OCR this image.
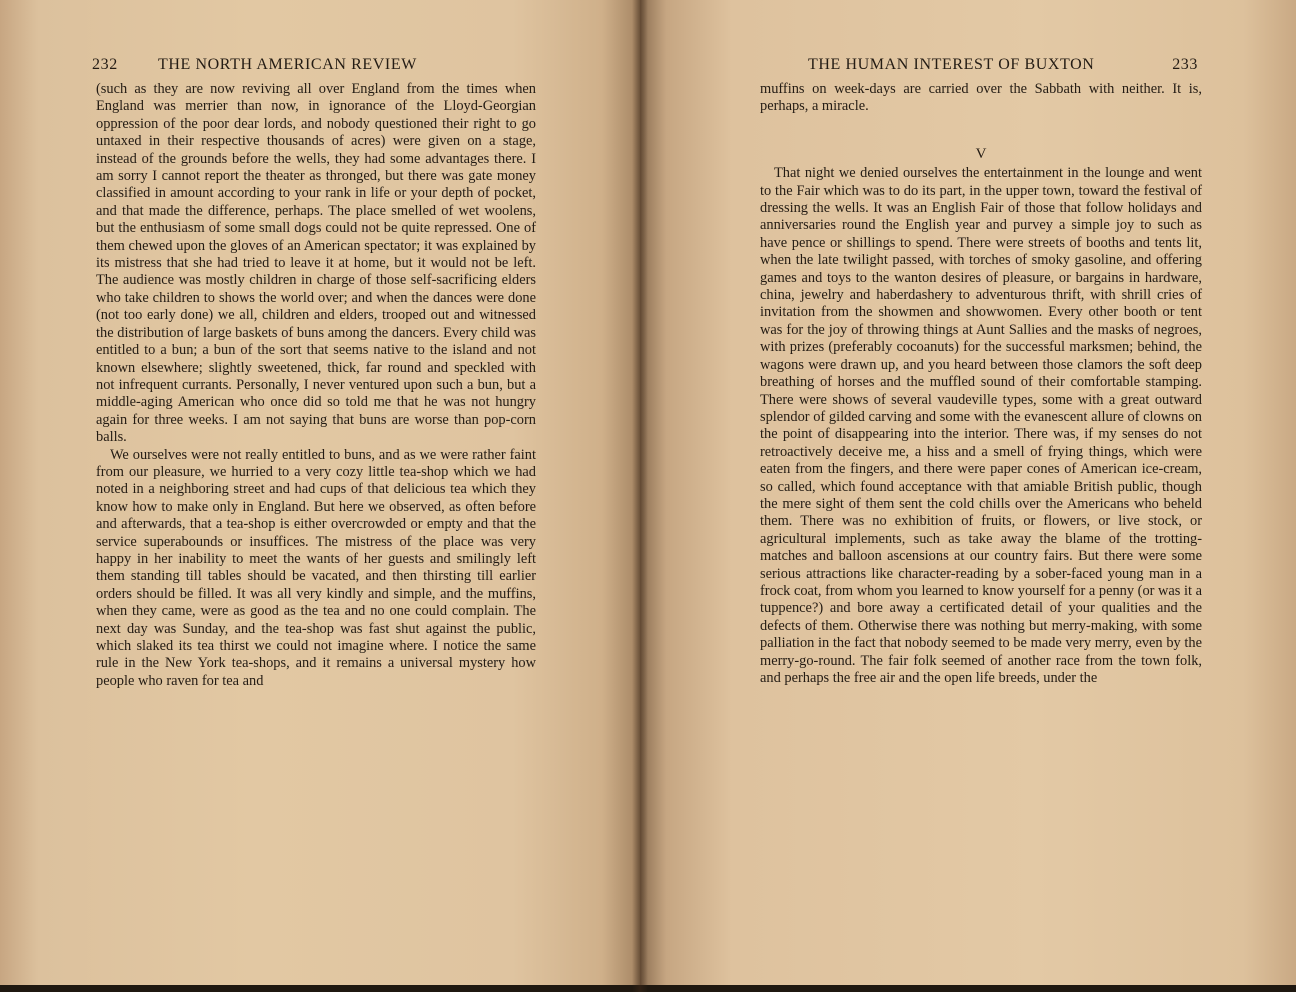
232	THE NORTH AMERICAN REVIEW

(such as they are now reviving all over England from the times when England was merrier than now, in ignorance of the Lloyd-Georgian oppression of the poor dear lords, and nobody questioned their right to go untaxed in their respective thousands of acres) were given on a stage, instead of the grounds before the wells, they had some advantages there. I am sorry I cannot report the theater as thronged, but there was gate money classified in amount according to your rank in life or your depth of pocket, and that made the difference, perhaps. The place smelled of wet woolens, but the enthusiasm of some small dogs could not be quite repressed. One of them chewed upon the gloves of an American spectator; it was explained by its mistress that she had tried to leave it at home, but it would not be left. The audience was mostly children in charge of those self-sacrificing elders who take children to shows the world over; and when the dances were done (not too early done) we all, children and elders, trooped out and witnessed the distribution of large baskets of buns among the dancers. Every child was entitled to a bun; a bun of the sort that seems native to the island and not known elsewhere; slightly sweetened, thick, far round and speckled with not infrequent currants. Personally, I never ventured upon such a bun, but a middle-aging American who once did so told me that he was not hungry again for three weeks. I am not saying that buns are worse than pop-corn balls.

We ourselves were not really entitled to buns, and as we were rather faint from our pleasure, we hurried to a very cozy little tea-shop which we had noted in a neighboring street and had cups of that delicious tea which they know how to make only in England. But here we observed, as often before and afterwards, that a tea-shop is either overcrowded or empty and that the service superabounds or insuffices. The mistress of the place was very happy in her inability to meet the wants of her guests and smilingly left them standing till tables should be vacated, and then thirsting till earlier orders should be filled. It was all very kindly and simple, and the muffins, when they came, were as good as the tea and no one could complain. The next day was Sunday, and the tea-shop was fast shut against the public, which slaked its tea thirst we could not imagine where. I notice the same rule in the New York tea-shops, and it remains a universal mystery how people who raven for tea and

THE HUMAN INTEREST OF BUXTON	233

muffins on week-days are carried over the Sabbath with neither. It is, perhaps, a miracle.

V

That night we denied ourselves the entertainment in the lounge and went to the Fair which was to do its part, in the upper town, toward the festival of dressing the wells. It was an English Fair of those that follow holidays and anniversaries round the English year and purvey a simple joy to such as have pence or shillings to spend. There were streets of booths and tents lit, when the late twilight passed, with torches of smoky gasoline, and offering games and toys to the wanton desires of pleasure, or bargains in hardware, china, jewelry and haberdashery to adventurous thrift, with shrill cries of invitation from the showmen and showwomen. Every other booth or tent was for the joy of throwing things at Aunt Sallies and the masks of negroes, with prizes (preferably cocoanuts) for the successful marksmen; behind, the wagons were drawn up, and you heard between those clamors the soft deep breathing of horses and the muffled sound of their comfortable stamping. There were shows of several vaudeville types, some with a great outward splendor of gilded carving and some with the evanescent allure of clowns on the point of disappearing into the interior. There was, if my senses do not retroactively deceive me, a hiss and a smell of frying things, which were eaten from the fingers, and there were paper cones of American ice-cream, so called, which found acceptance with that amiable British public, though the mere sight of them sent the cold chills over the Americans who beheld them. There was no exhibition of fruits, or flowers, or live stock, or agricultural implements, such as take away the blame of the trotting-matches and balloon ascensions at our country fairs. But there were some serious attractions like character-reading by a sober-faced young man in a frock coat, from whom you learned to know yourself for a penny (or was it a tuppence?) and bore away a certificated detail of your qualities and the defects of them. Otherwise there was nothing but merry-making, with some palliation in the fact that nobody seemed to be made very merry, even by the merry-go-round. The fair folk seemed of another race from the town folk, and perhaps the free air and the open life breeds, under the
